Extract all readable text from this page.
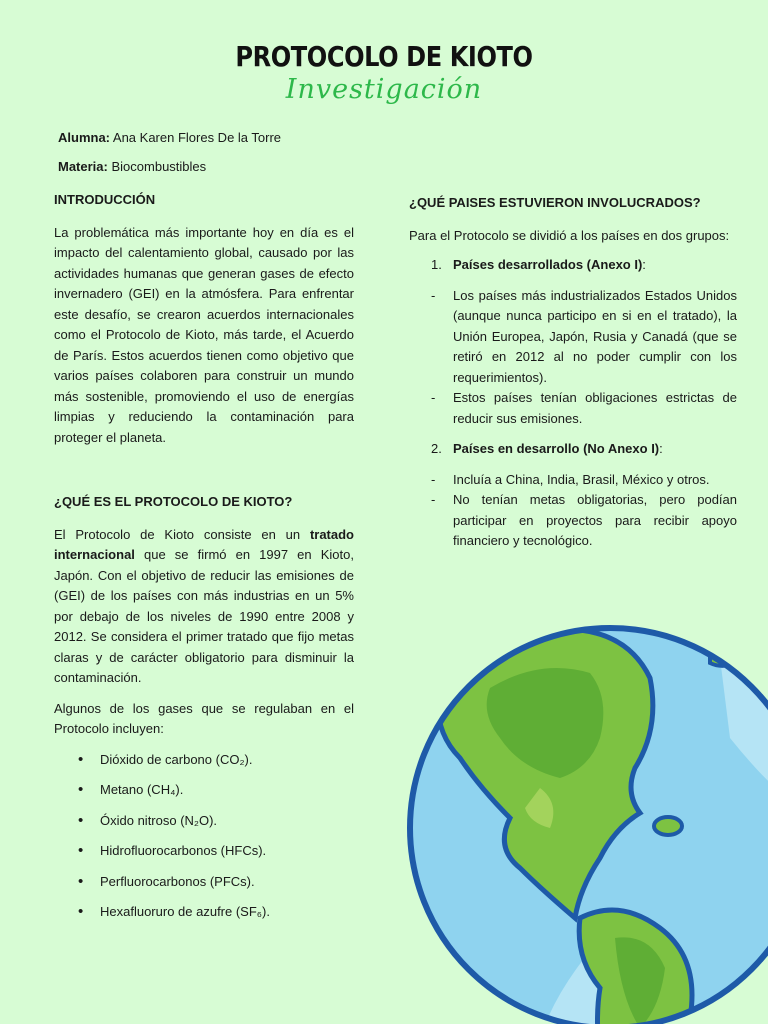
PROTOCOLO DE KIOTO
Investigación
Alumna: Ana Karen Flores De la Torre
Materia: Biocombustibles
INTRODUCCIÓN
La problemática más importante hoy en día es el impacto del calentamiento global, causado por las actividades humanas que generan gases de efecto invernadero (GEI) en la atmósfera. Para enfrentar este desafío, se crearon acuerdos internacionales como el Protocolo de Kioto, más tarde, el Acuerdo de París. Estos acuerdos tienen como objetivo que varios países colaboren para construir un mundo más sostenible, promoviendo el uso de energías limpias y reduciendo la contaminación para proteger el planeta.
¿QUÉ ES EL PROTOCOLO DE KIOTO?
El Protocolo de Kioto consiste en un tratado internacional que se firmó en 1997 en Kioto, Japón. Con el objetivo de reducir las emisiones de (GEI) de los países con más industrias en un 5% por debajo de los niveles de 1990 entre 2008 y 2012. Se considera el primer tratado que fijo metas claras y de carácter obligatorio para disminuir la contaminación.
Algunos de los gases que se regulaban en el Protocolo incluyen:
• Dióxido de carbono (CO₂).
• Metano (CH₄).
• Óxido nitroso (N₂O).
• Hidrofluorocarbonos (HFCs).
• Perfluorocarbonos (PFCs).
• Hexafluoruro de azufre (SF₆).
¿QUÉ PAISES ESTUVIERON INVOLUCRADOS?
Para el Protocolo se dividió a los países en dos grupos:
1. Países desarrollados (Anexo I):
- Los países más industrializados Estados Unidos (aunque nunca participo en si en el tratado), la Unión Europea, Japón, Rusia y Canadá (que se retiró en 2012 al no poder cumplir con los requerimientos).
- Estos países tenían obligaciones estrictas de reducir sus emisiones.
2. Países en desarrollo (No Anexo I):
- Incluía a China, India, Brasil, México y otros.
- No tenían metas obligatorias, pero podían participar en proyectos para recibir apoyo financiero y tecnológico.
